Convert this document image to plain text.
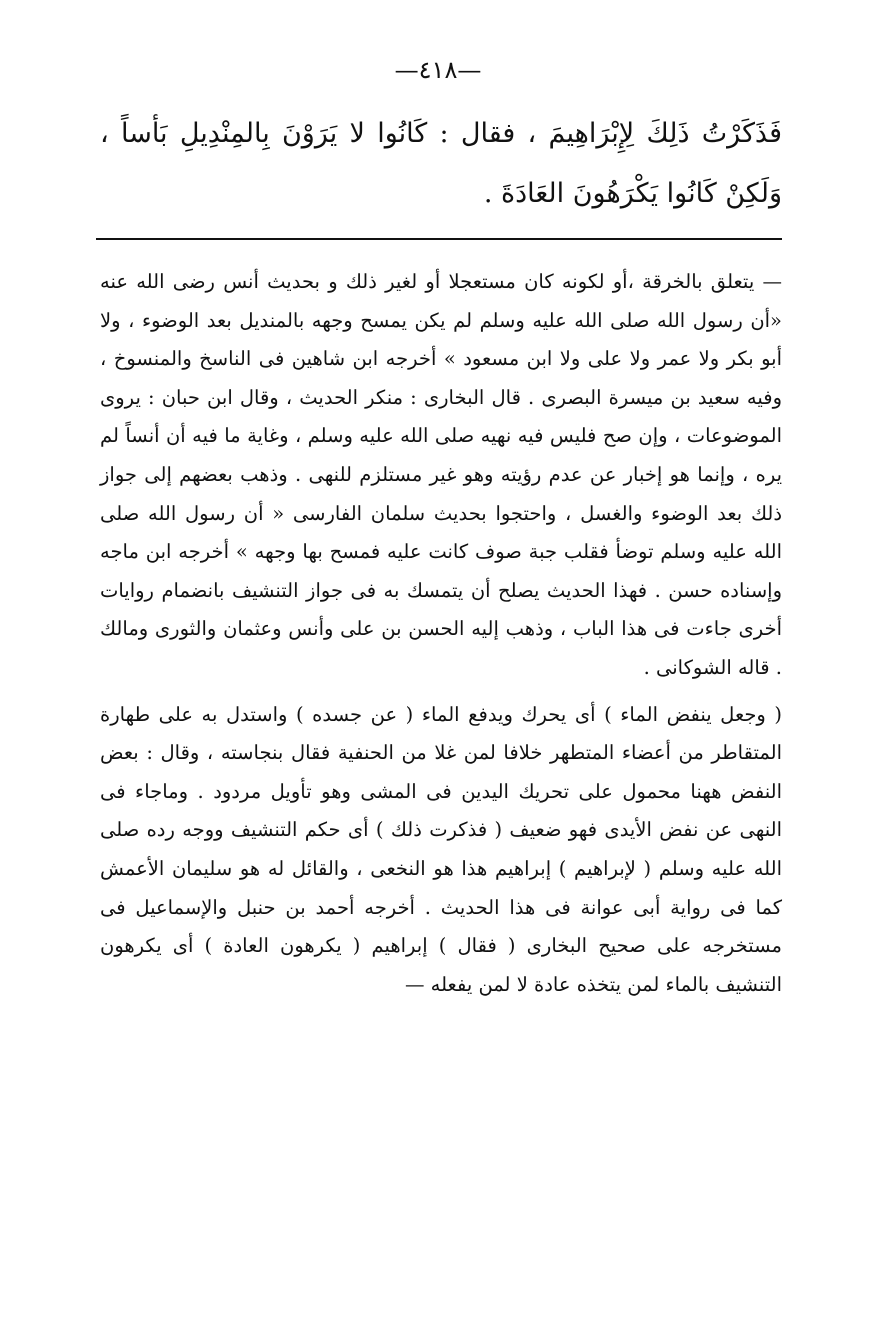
—٤١٨—
فَذَكَرْتُ ذَلِكَ لِإِبْرَاهِيمَ ، فقال : كَانُوا لا يَرَوْنَ بِالمِنْدِيلِ بَأساً ، وَلَكِنْ كَانُوا يَكْرَهُونَ العَادَةَ .

— يتعلق بالخرقة ،أو لكونه كان مستعجلا أو لغير ذلك و بحديث أنس رضى الله عنه «أن رسول الله صلى الله عليه وسلم لم يكن يمسح وجهه بالمنديل بعد الوضوء ، ولا أبو بكر ولا عمر ولا على ولا ابن مسعود » أخرجه ابن شاهين فى الناسخ والمنسوخ ، وفيه سعيد بن ميسرة البصرى . قال البخارى : منكر الحديث ، وقال ابن حبان : يروى الموضوعات ، وإن صح فليس فيه نهيه صلى الله عليه وسلم ، وغاية ما فيه أن أنساً لم يره ، وإنما هو إخبار عن عدم رؤيته وهو غير مستلزم للنهى . وذهب بعضهم إلى جواز ذلك بعد الوضوء والغسل ، واحتجوا بحديث سلمان الفارسى « أن رسول الله صلى الله عليه وسلم توضأ فقلب جبة صوف كانت عليه فمسح بها وجهه » أخرجه ابن ماجه وإسناده حسن . فهذا الحديث يصلح أن يتمسك به فى جواز التنشيف بانضمام روايات أخرى جاءت فى هذا الباب ، وذهب إليه الحسن بن على وأنس وعثمان والثورى ومالك . قاله الشوكانى .

( وجعل ينفض الماء ) أى يحرك ويدفع الماء ( عن جسده ) واستدل به على طهارة المتقاطر من أعضاء المتطهر خلافا لمن غلا من الحنفية فقال بنجاسته ، وقال : بعض النفض ههنا محمول على تحريك اليدين فى المشى وهو تأويل مردود . وماجاء فى النهى عن نفض الأيدى فهو ضعيف ( فذكرت ذلك ) أى حكم التنشيف ووجه رده صلى الله عليه وسلم ( لإبراهيم ) إبراهيم هذا هو النخعى ، والقائل له هو سليمان الأعمش كما فى رواية أبى عوانة فى هذا الحديث . أخرجه أحمد بن حنبل والإسماعيل فى مستخرجه على صحيح البخارى ( فقال ) إبراهيم ( يكرهون العادة ) أى يكرهون التنشيف بالماء لمن يتخذه عادة لا لمن يفعله —
